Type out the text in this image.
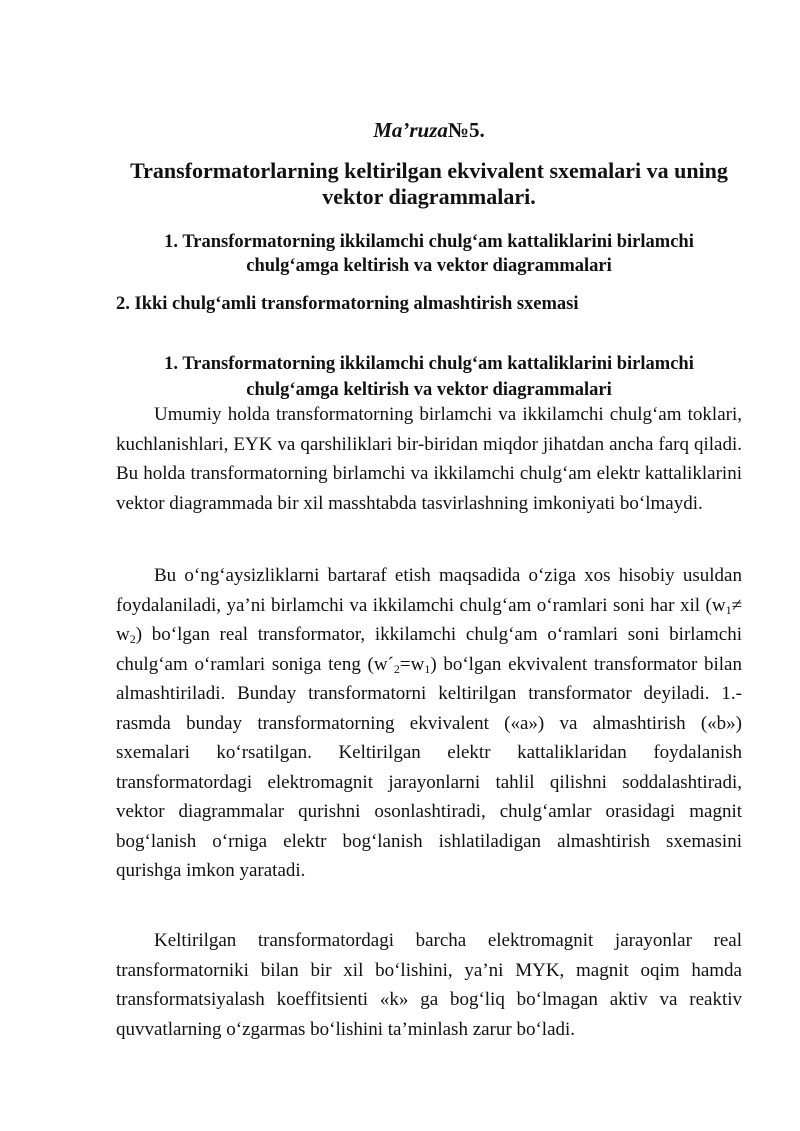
Ma’ruza№5.
Transformatorlarning keltirilgan ekvivalent sxemalari va uning vektor diagrammalari.
1. Transformatorning ikkilamchi chulg‘am kattaliklarini birlamchi chulg‘amga keltirish va vektor diagrammalari
2. Ikki chulg‘amli transformatorning almashtirish sxemasi
1. Transformatorning ikkilamchi chulg‘am kattaliklarini birlamchi chulg‘amga keltirish va vektor diagrammalari

Umumiy holda transformatorning birlamchi va ikkilamchi chulg‘am toklari, kuchlanishlari, EYK va qarshiliklari bir-biridan miqdor jihatdan ancha farq qiladi. Bu holda transformatorning birlamchi va ikkilamchi chulg‘am elektr kattaliklarini vektor diagrammada bir xil masshtabda tasvirlashning imkoniyati bo‘lmaydi.

Bu o‘ng‘aysizliklarni bartaraf etish maqsadida o‘ziga xos hisobiy usuldan foydalaniladi, ya’ni birlamchi va ikkilamchi chulg‘am o‘ramlari soni har xil $(w_1\ne w_2)$ bo‘lgan real transformator, ikkilamchi chulg‘am o‘ramlari soni birlamchi chulg‘am o‘ramlari soniga teng $(w´_2=w_1)$ bo‘lgan ekvivalent transformator bilan almashtiriladi. Bunday transformatorni keltirilgan transformator deyiladi. 1.-rasmda bunday transformatorning ekvivalent («a») va almashtirish («b») sxemalari ko‘rsatilgan. Keltirilgan elektr kattaliklaridan foydalanish transformatordagi elektromagnit jarayonlarni tahlil qilishni soddalashtiradi, vektor diagrammalar qurishni osonlashtiradi, chulg‘amlar orasidagi magnit bog‘lanish o‘rniga elektr bog‘lanish ishlatiladigan almashtirish sxemasini qurishga imkon yaratadi.

Keltirilgan transformatordagi barcha elektromagnit jarayonlar real transformatorniki bilan bir xil bo‘lishini, ya’ni MYK, magnit oqim hamda transformatsiyalash koeffitsienti «k» ga bog‘liq bo‘lmagan aktiv va reaktiv quvvatlarning o‘zgarmas bo‘lishini ta’minlash zarur bo‘ladi.
